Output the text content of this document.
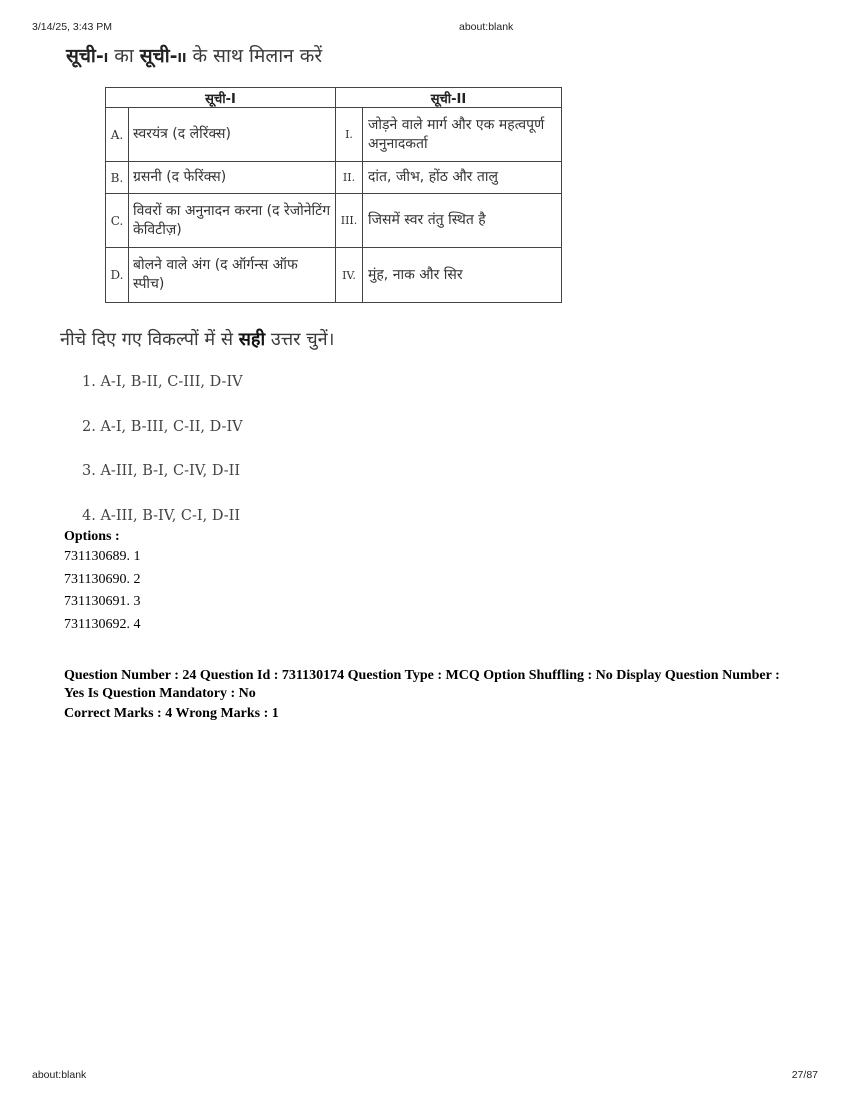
3/14/25, 3:43 PM	about:blank
सूची-I का सूची-II के साथ मिलान करें
सूची-I		सूची-II	
A.	स्वरयंत्र (द लेरिंक्स)	I.	जोड़ने वाले मार्ग और एक महत्वपूर्ण अनुनादकर्ता
B.	ग्रसनी (द फेरिंक्स)	II.	दांत, जीभ, होंठ और तालु
C.	विवरों का अनुनादन करना (द रेजोनेटिंग केविटीज़)	III.	जिसमें स्वर तंतु स्थित है
D.	बोलने वाले अंग (द ऑर्गन्स ऑफ स्पीच)	IV.	मुंह, नाक और सिर
नीचे दिए गए विकल्पों में से सही उत्तर चुनें।
1. A-I, B-II, C-III, D-IV
2. A-I, B-III, C-II, D-IV
3. A-III, B-I, C-IV, D-II
4. A-III, B-IV, C-I, D-II
Options :
731130689. 1
731130690. 2
731130691. 3
731130692. 4
Question Number : 24 Question Id : 731130174 Question Type : MCQ Option Shuffling : No Display Question Number : Yes Is Question Mandatory : No
Correct Marks : 4 Wrong Marks : 1
about:blank	27/87
